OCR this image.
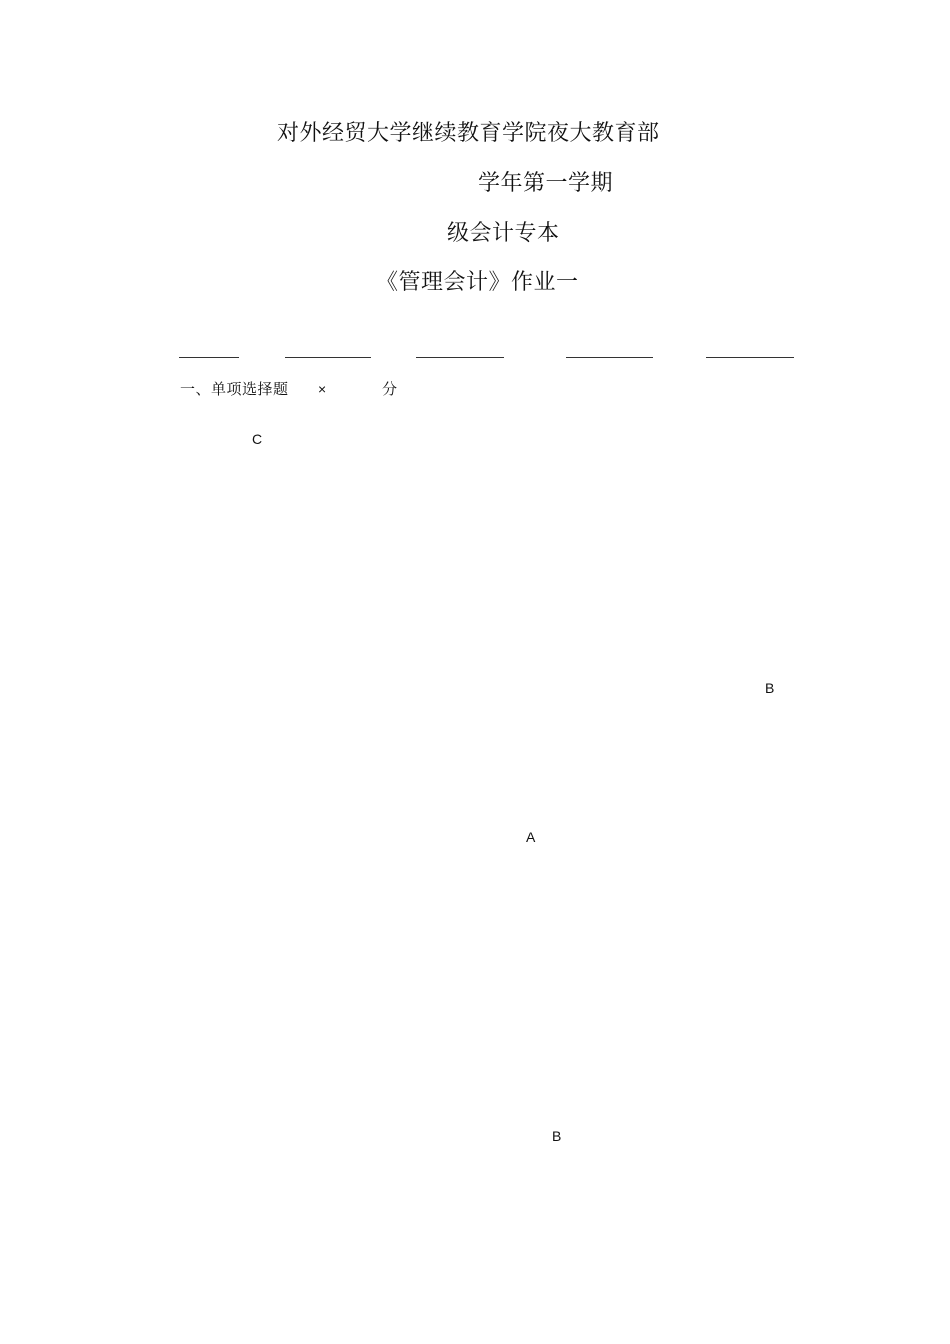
对外经贸大学继续教育学院夜大教育部
学年第一学期
级会计专本
《管理会计》作业一
一、单项选择题 ×	分
C
B
A
B
